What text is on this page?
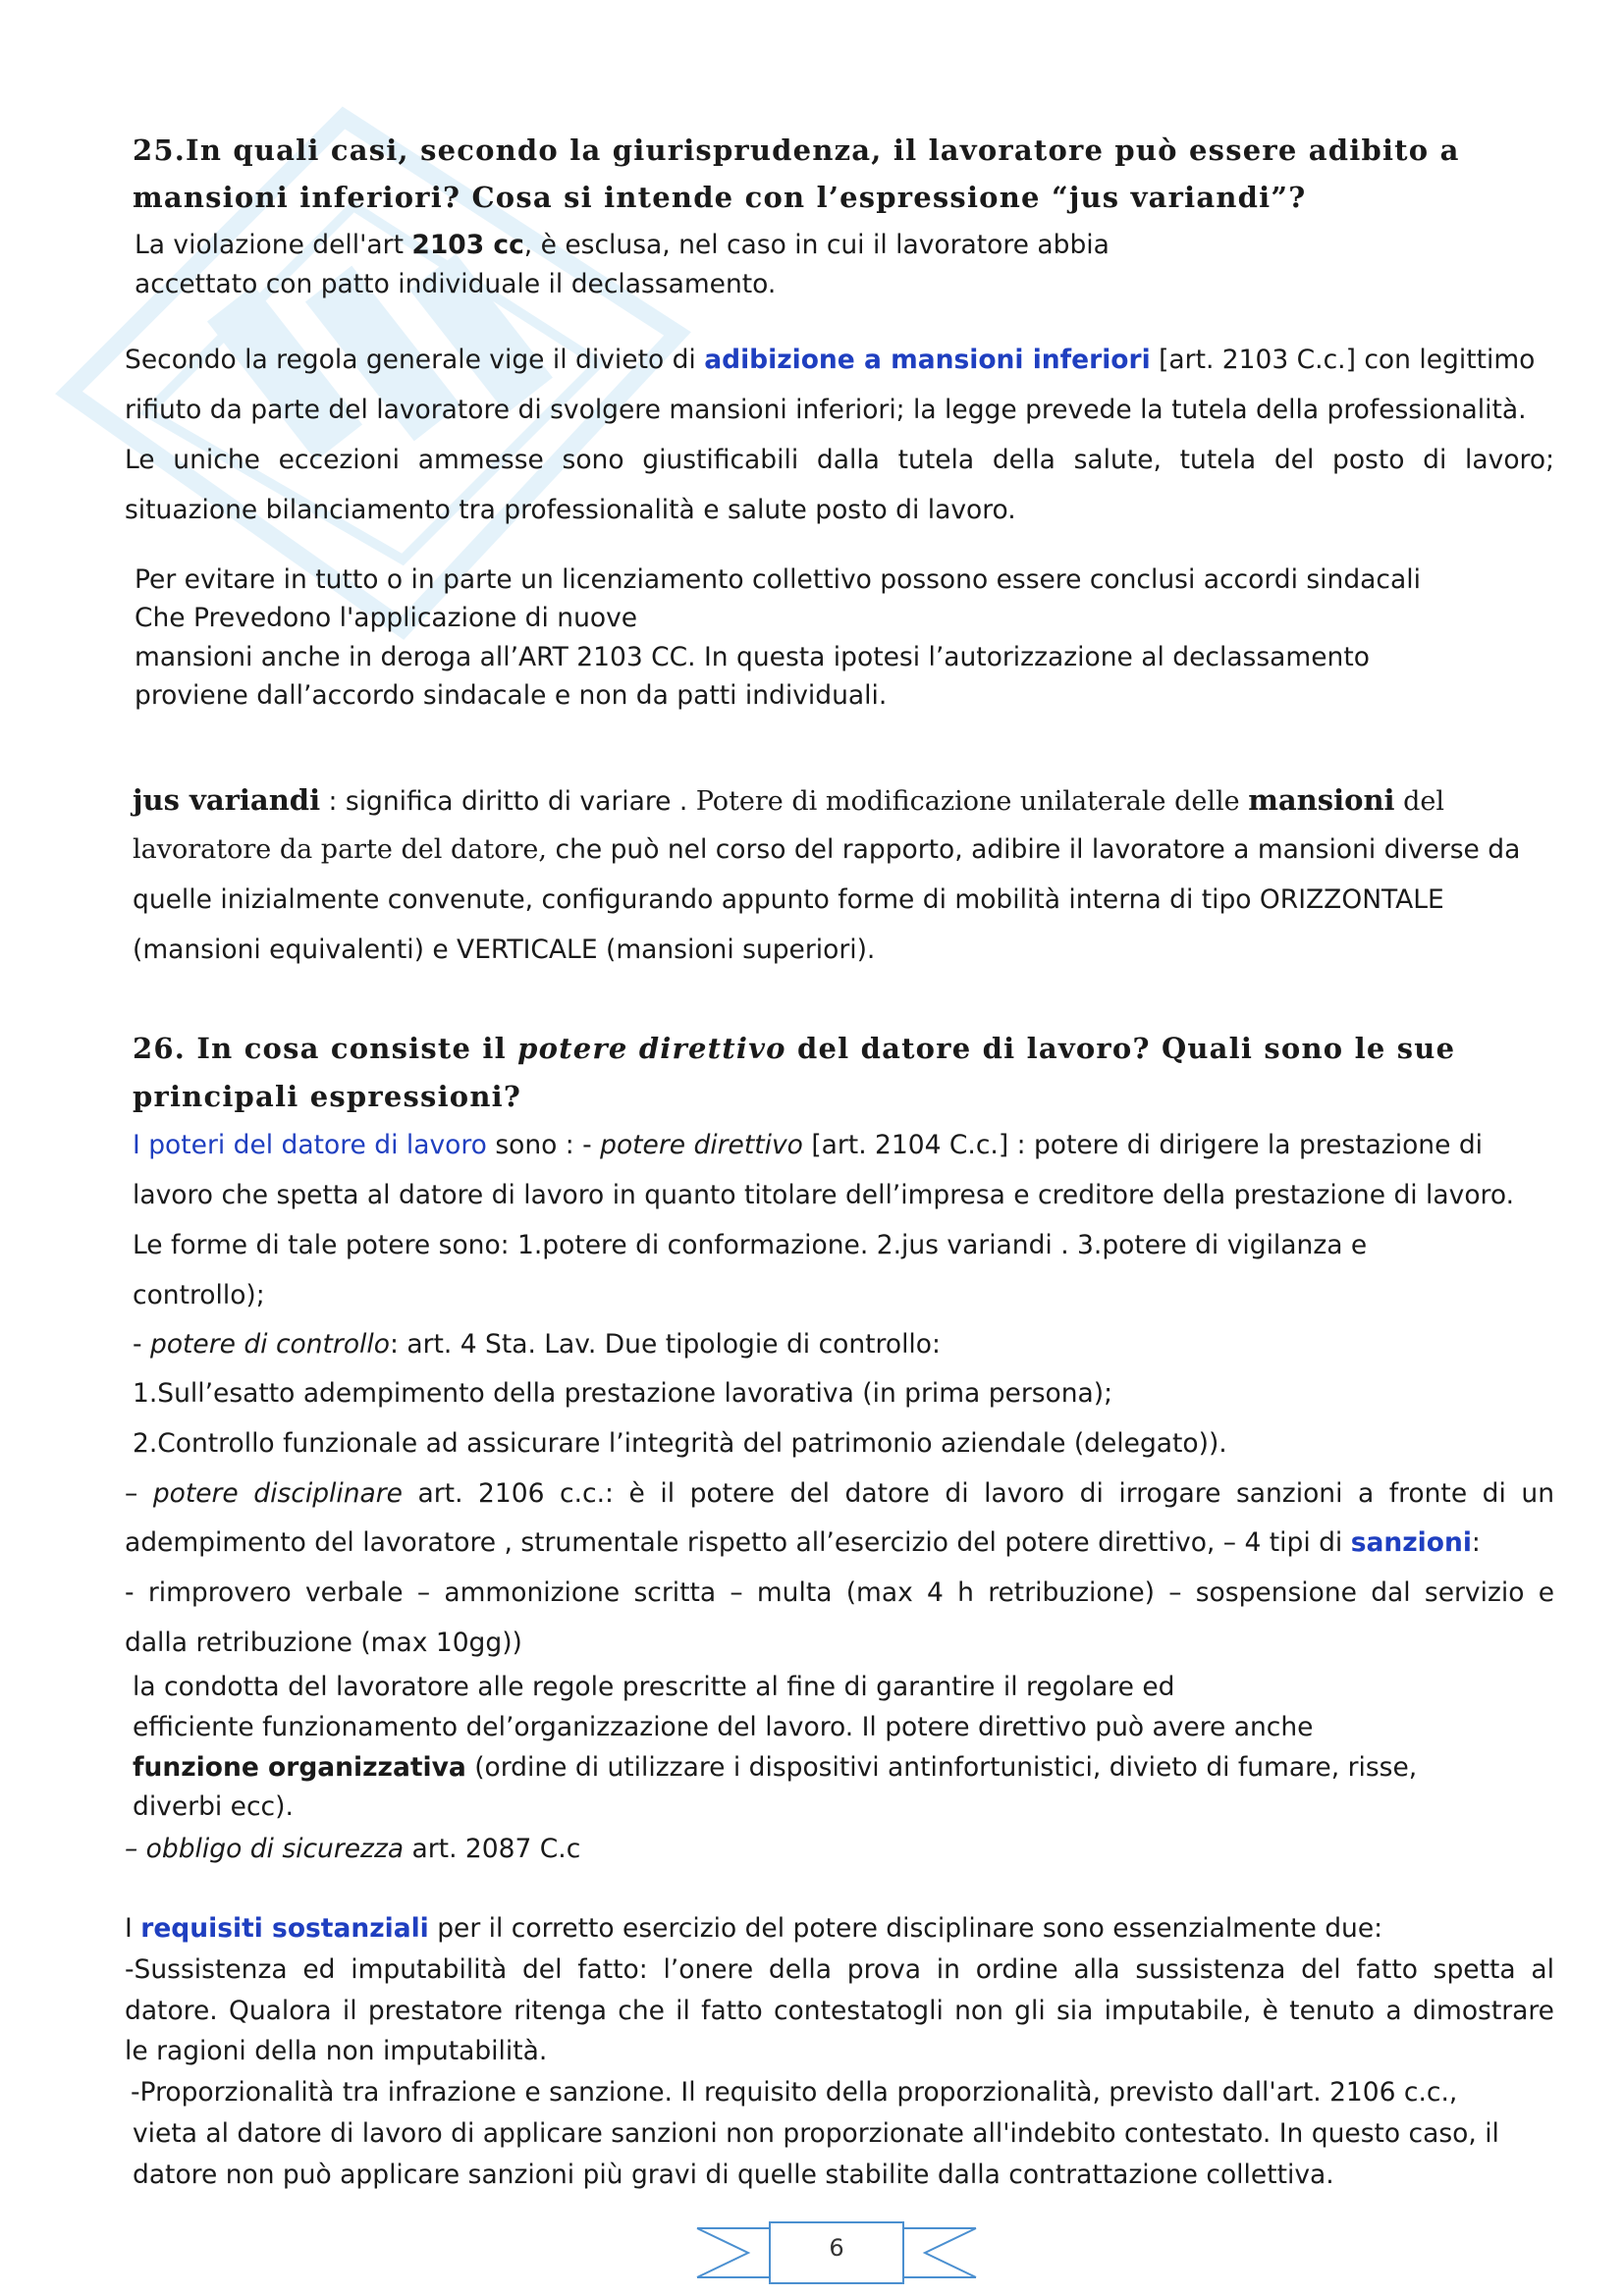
25.In quali casi, secondo la giurisprudenza, il lavoratore può essere adibito a
mansioni inferiori? Cosa si intende con l’espressione “jus variandi”?
La violazione dell'art 2103 cc, è esclusa, nel caso in cui il lavoratore abbia
accettato con patto individuale il declassamento.
Secondo la regola generale vige il divieto di adibizione a mansioni inferiori [art. 2103 C.c.] con legittimo
rifiuto da parte del lavoratore di svolgere mansioni inferiori; la legge prevede la tutela della professionalità.
Le uniche eccezioni ammesse sono giustificabili dalla tutela della salute, tutela del posto di lavoro;
situazione bilanciamento tra professionalità e salute posto di lavoro.
Per evitare in tutto o in parte un licenziamento collettivo possono essere conclusi accordi sindacali
Che Prevedono l'applicazione di nuove
mansioni anche in deroga all’ART 2103 CC. In questa ipotesi l’autorizzazione al declassamento
proviene dall’accordo sindacale e non da patti individuali.
jus variandi : significa diritto di variare . Potere di modificazione unilaterale delle mansioni del
lavoratore da parte del datore, che può nel corso del rapporto, adibire il lavoratore a mansioni diverse da
quelle inizialmente convenute, configurando appunto forme di mobilità interna di tipo ORIZZONTALE
(mansioni equivalenti) e VERTICALE (mansioni superiori).
26. In cosa consiste il potere direttivo del datore di lavoro? Quali sono le sue
principali espressioni?
I poteri del datore di lavoro sono : - potere direttivo [art. 2104 C.c.] : potere di dirigere la prestazione di
lavoro che spetta al datore di lavoro in quanto titolare dell’impresa e creditore della prestazione di lavoro.
Le forme di tale potere sono: 1.potere di conformazione. 2.jus variandi . 3.potere di vigilanza e
controllo);
- potere di controllo: art. 4 Sta. Lav. Due tipologie di controllo:
1.Sull’esatto adempimento della prestazione lavorativa (in prima persona);
2.Controllo funzionale ad assicurare l’integrità del patrimonio aziendale (delegato)).
– potere disciplinare art. 2106 c.c.: è il potere del datore di lavoro di irrogare sanzioni a fronte di un
adempimento del lavoratore , strumentale rispetto all’esercizio del potere direttivo, – 4 tipi di sanzioni:
- rimprovero verbale – ammonizione scritta – multa (max 4 h retribuzione) – sospensione dal servizio e
dalla retribuzione (max 10gg))
la condotta del lavoratore alle regole prescritte al fine di garantire il regolare ed
efficiente funzionamento del’organizzazione del lavoro. Il potere direttivo può avere anche
funzione organizzativa (ordine di utilizzare i dispositivi antinfortunistici, divieto di fumare, risse,
diverbi ecc).
– obbligo di sicurezza art. 2087 C.c
I requisiti sostanziali per il corretto esercizio del potere disciplinare sono essenzialmente due:
-Sussistenza ed imputabilità del fatto: l’onere della prova in ordine alla sussistenza del fatto spetta al
datore. Qualora il prestatore ritenga che il fatto contestatogli non gli sia imputabile, è tenuto a dimostrare
le ragioni della non imputabilità.
-Proporzionalità tra infrazione e sanzione. Il requisito della proporzionalità, previsto dall'art. 2106 c.c.,
vieta al datore di lavoro di applicare sanzioni non proporzionate all'indebito contestato. In questo caso, il
datore non può applicare sanzioni più gravi di quelle stabilite dalla contrattazione collettiva.
6
